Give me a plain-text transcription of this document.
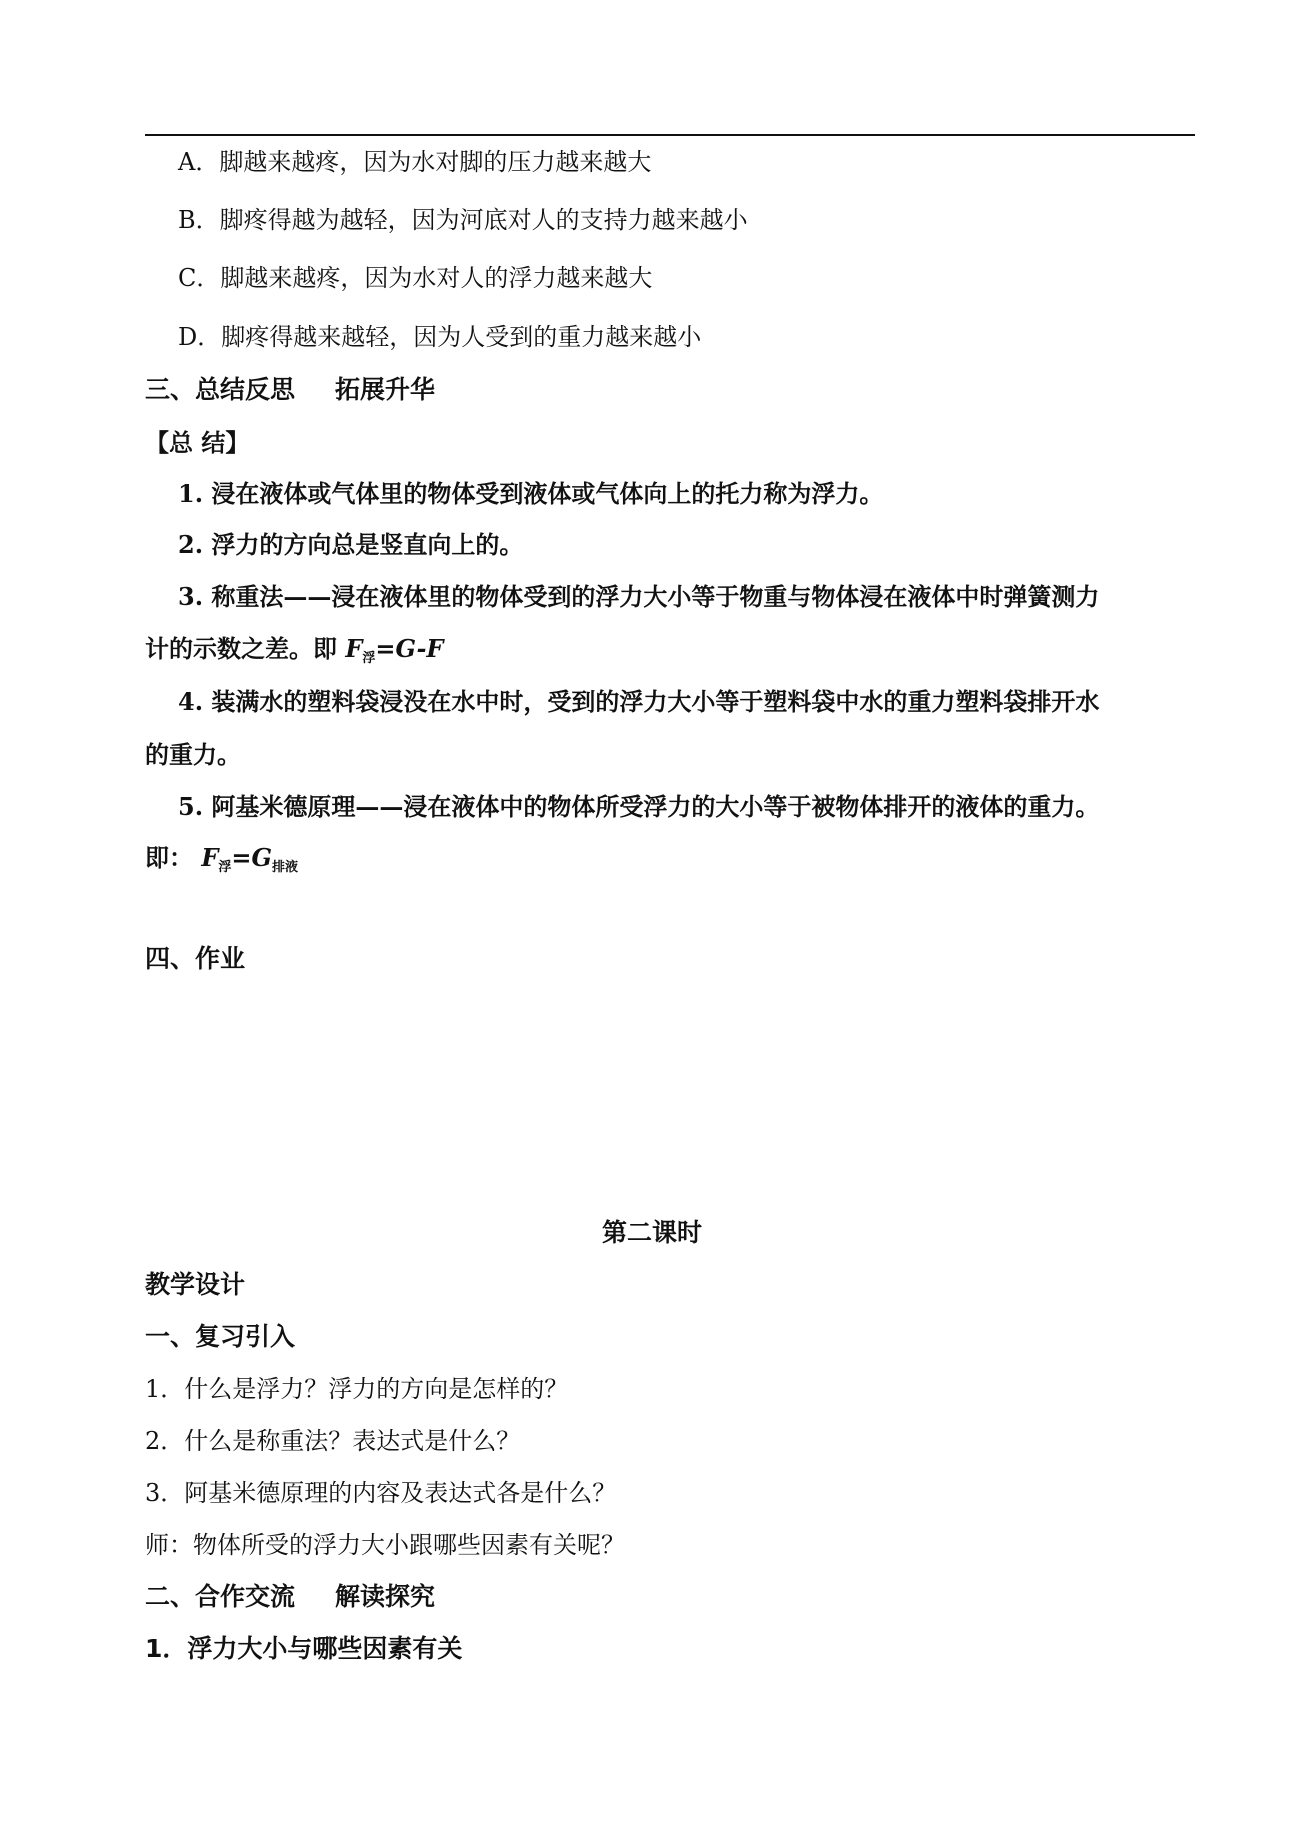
A．脚越来越疼，因为水对脚的压力越来越大
B．脚疼得越为越轻，因为河底对人的支持力越来越小
C．脚越来越疼，因为水对人的浮力越来越大
D．脚疼得越来越轻，因为人受到的重力越来越小
三、总结反思 拓展升华
【总 结】
1. 浸在液体或气体里的物体受到液体或气体向上的托力称为浮力。
2. 浮力的方向总是竖直向上的。
3. 称重法——浸在液体里的物体受到的浮力大小等于物重与物体浸在液体中时弹簧测力
计的示数之差。即 $F_浮=G-F$
4. 装满水的塑料袋浸没在水中时，受到的浮力大小等于塑料袋中水的重力塑料袋排开水
的重力。
5. 阿基米德原理——浸在液体中的物体所受浮力的大小等于被物体排开的液体的重力。
即： $F_浮=G_{排液}$
四、作业
第二课时
教学设计
一、复习引入
1．什么是浮力？浮力的方向是怎样的？
2．什么是称重法？表达式是什么？
3．阿基米德原理的内容及表达式各是什么？
师：物体所受的浮力大小跟哪些因素有关呢？
二、合作交流 解读探究
1．浮力大小与哪些因素有关
